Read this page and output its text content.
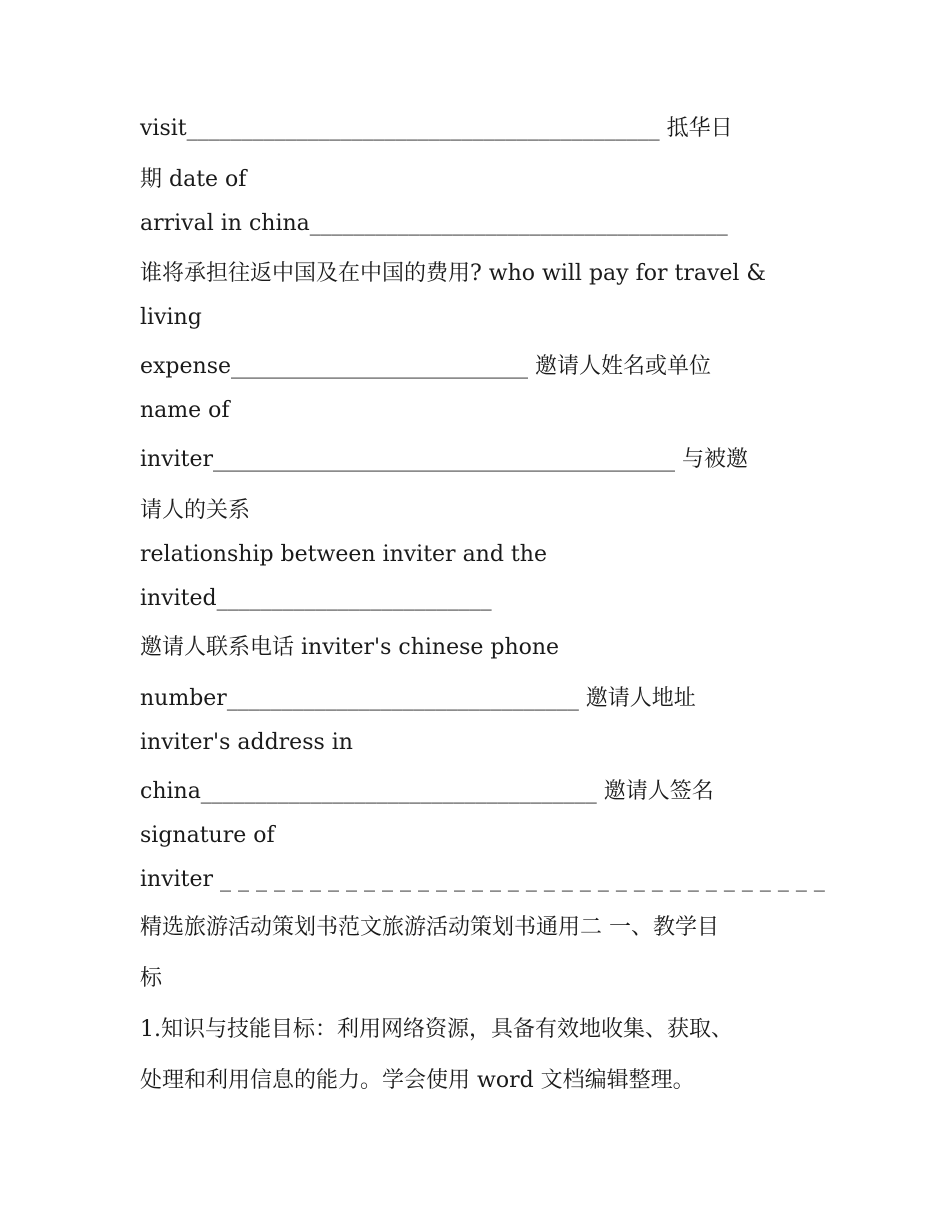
visit___________________________________________ 抵华日
期 date of
arrival in china______________________________________
谁将承担往返中国及在中国的费用? who will pay for travel &
living
expense___________________________ 邀请人姓名或单位
name of
inviter__________________________________________ 与被邀
请人的关系
relationship between inviter and the
invited_________________________
邀请人联系电话 inviter's chinese phone
number________________________________ 邀请人地址
inviter's address in
china____________________________________ 邀请人签名
signature of
inviter _ _ _ _ _ _ _ _ _ _ _ _ _ _ _ _ _ _ _ _ _ _ _ _ _ _ _ _ _ _ _ _ _ _
精选旅游活动策划书范文旅游活动策划书通用二 一、教学目
标
1.知识与技能目标：利用网络资源，具备有效地收集、获取、
处理和利用信息的能力。学会使用 word 文档编辑整理。
